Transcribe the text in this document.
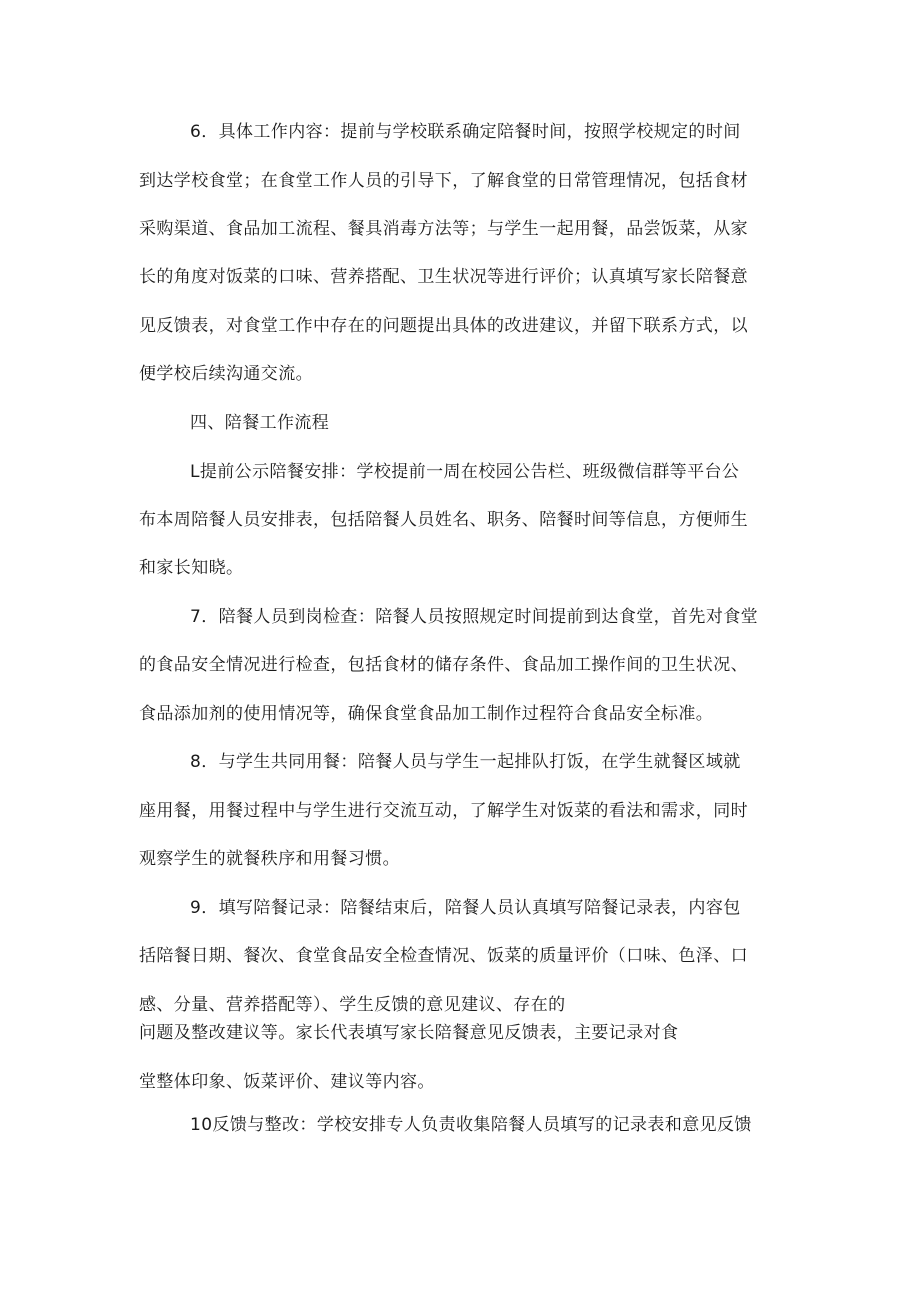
6．具体工作内容：提前与学校联系确定陪餐时间，按照学校规定的时间
到达学校食堂；在食堂工作人员的引导下，了解食堂的日常管理情况，包括食材
采购渠道、食品加工流程、餐具消毒方法等；与学生一起用餐，品尝饭菜，从家
长的角度对饭菜的口味、营养搭配、卫生状况等进行评价；认真填写家长陪餐意
见反馈表，对食堂工作中存在的问题提出具体的改进建议，并留下联系方式，以
便学校后续沟通交流。
四、陪餐工作流程
L提前公示陪餐安排：学校提前一周在校园公告栏、班级微信群等平台公
布本周陪餐人员安排表，包括陪餐人员姓名、职务、陪餐时间等信息，方便师生
和家长知晓。
7．陪餐人员到岗检查：陪餐人员按照规定时间提前到达食堂，首先对食堂
的食品安全情况进行检查，包括食材的储存条件、食品加工操作间的卫生状况、
食品添加剂的使用情况等，确保食堂食品加工制作过程符合食品安全标准。
8．与学生共同用餐：陪餐人员与学生一起排队打饭，在学生就餐区域就
座用餐，用餐过程中与学生进行交流互动，了解学生对饭菜的看法和需求，同时
观察学生的就餐秩序和用餐习惯。
9．填写陪餐记录：陪餐结束后，陪餐人员认真填写陪餐记录表，内容包
括陪餐日期、餐次、食堂食品安全检查情况、饭菜的质量评价（口味、色泽、口
感、分量、营养搭配等）、学生反馈的意见建议、存在的
问题及整改建议等。家长代表填写家长陪餐意见反馈表，主要记录对食
堂整体印象、饭菜评价、建议等内容。
10反馈与整改：学校安排专人负责收集陪餐人员填写的记录表和意见反馈
